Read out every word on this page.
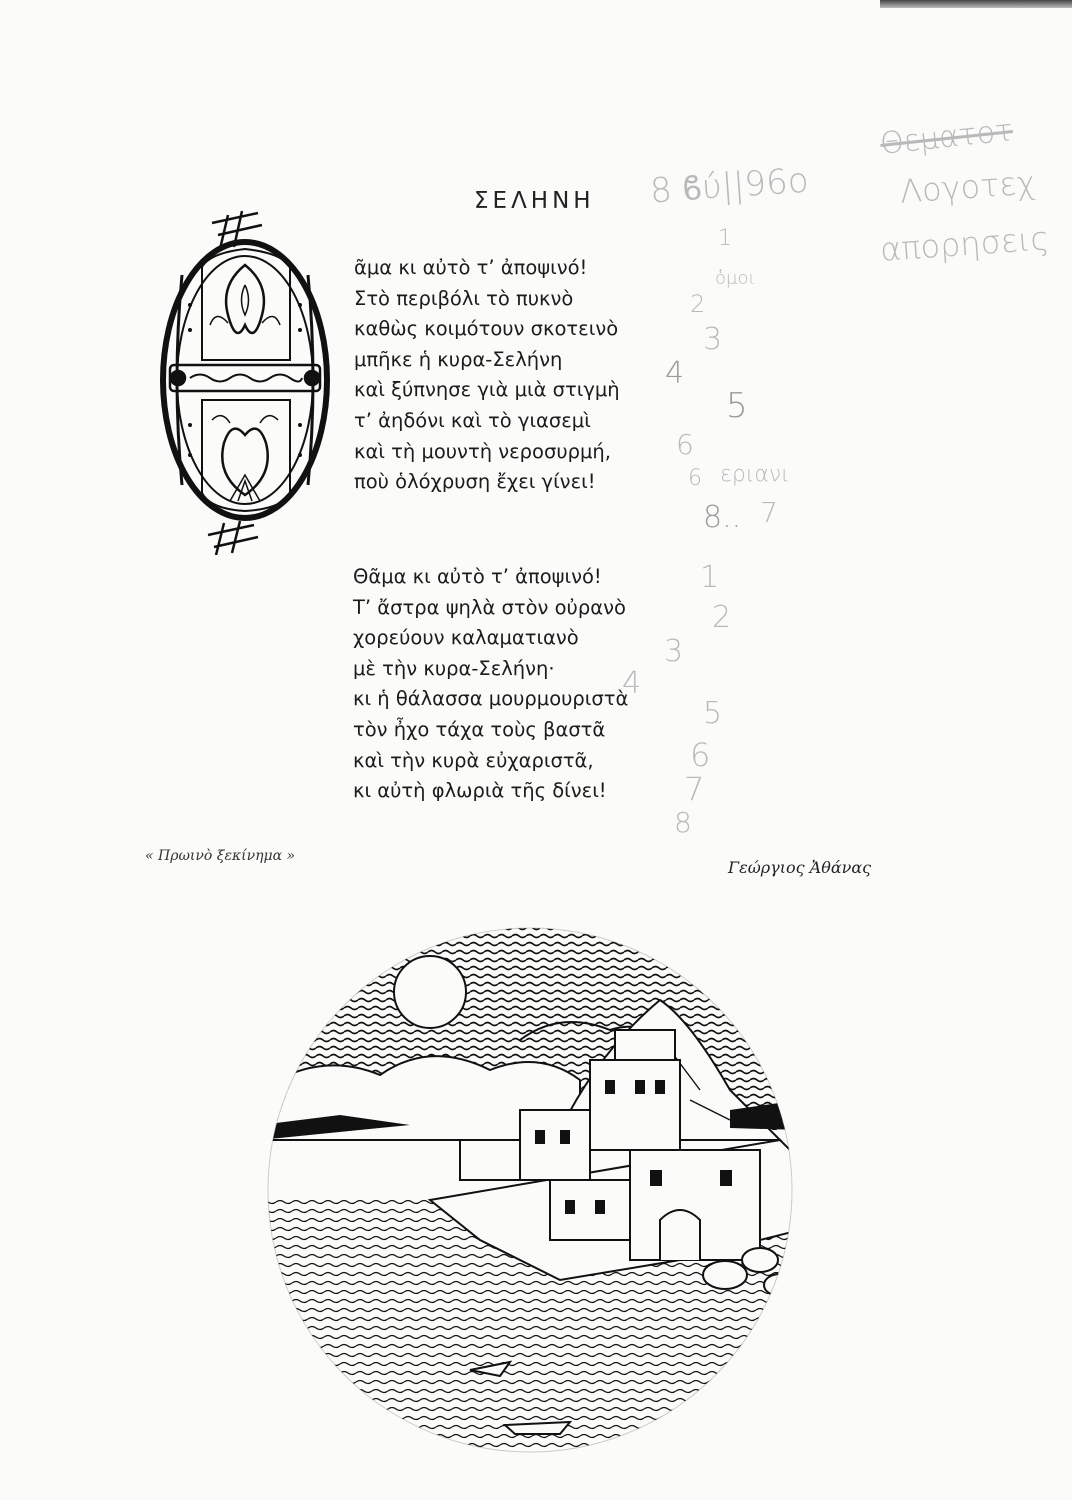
ΣΕΛΗΝΗ
ᾶμα κι αὐτὸ τ’ ἀποψινό!
Στὸ περιβόλι τὸ πυκνὸ
καθὼς κοιμότουν σκοτεινὸ
μπῆκε ἡ κυρα-Σελήνη
καὶ ξύπνησε γιὰ μιὰ στιγμὴ
τ’ ἀηδόνι καὶ τὸ γιασεμὶ
καὶ τὴ μουντὴ νεροσυρμή,
ποὺ ὁλόχρυση ἔχει γίνει!
Θᾶμα κι αὐτὸ τ’ ἀποψινό!
Τ’ ἄστρα ψηλὰ στὸν οὐρανὸ
χορεύουν καλαματιανὸ
μὲ τὴν κυρα-Σελήνη·
κι ἡ θάλασσα μουρμουριστὰ
τὸν ἦχο τάχα τοὺς βαστᾶ
καὶ τὴν κυρὰ εὐχαριστᾶ,
κι αὐτὴ φλωριὰ τῆς δίνει!
« Πρωινὸ ξεκίνημα »
Γεώργιος Ἀθάνας
8 ϐύ||96ο
Θεματοτ
Λογοτεχ
απορησεις
ὁμοι
εριανι
1
2
3
4
5
6
6
8.. 7
1
2
3
4
5
6
7
8
